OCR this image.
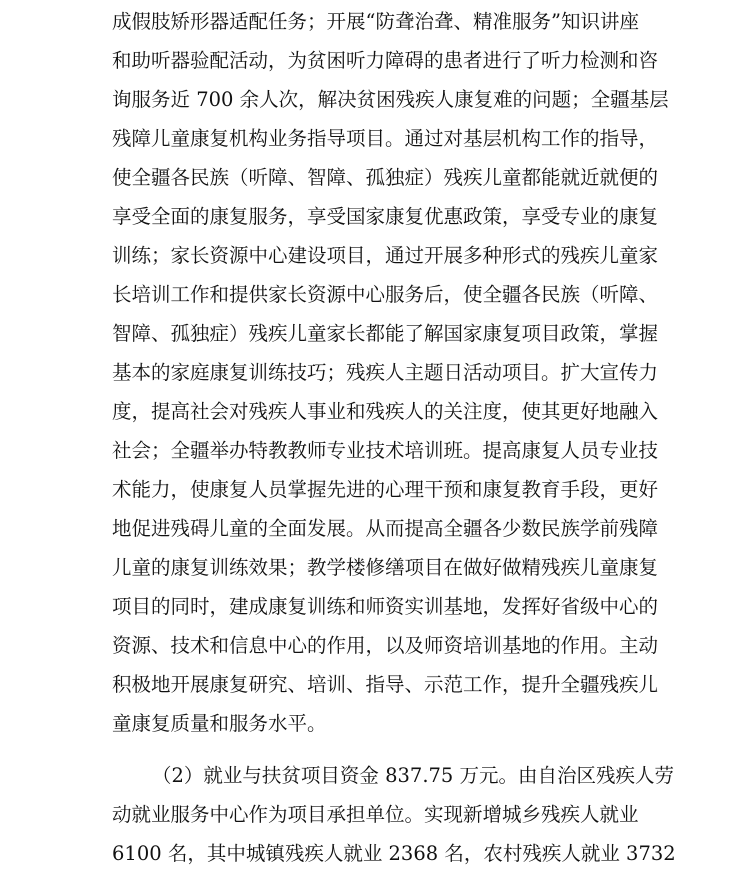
成假肢矫形器适配任务；开展“防聋治聋、精准服务”知识讲座
和助听器验配活动，为贫困听力障碍的患者进行了听力检测和咨
询服务近 700 余人次，解决贫困残疾人康复难的问题；全疆基层
残障儿童康复机构业务指导项目。通过对基层机构工作的指导，
使全疆各民族（听障、智障、孤独症）残疾儿童都能就近就便的
享受全面的康复服务，享受国家康复优惠政策，享受专业的康复
训练；家长资源中心建设项目，通过开展多种形式的残疾儿童家
长培训工作和提供家长资源中心服务后，使全疆各民族（听障、
智障、孤独症）残疾儿童家长都能了解国家康复项目政策，掌握
基本的家庭康复训练技巧；残疾人主题日活动项目。扩大宣传力
度，提高社会对残疾人事业和残疾人的关注度，使其更好地融入
社会；全疆举办特教教师专业技术培训班。提高康复人员专业技
术能力，使康复人员掌握先进的心理干预和康复教育手段，更好
地促进残碍儿童的全面发展。从而提高全疆各少数民族学前残障
儿童的康复训练效果；教学楼修缮项目在做好做精残疾儿童康复
项目的同时，建成康复训练和师资实训基地，发挥好省级中心的
资源、技术和信息中心的作用，以及师资培训基地的作用。主动
积极地开展康复研究、培训、指导、示范工作，提升全疆残疾儿
童康复质量和服务水平。
（2）就业与扶贫项目资金 837.75 万元。由自治区残疾人劳
动就业服务中心作为项目承担单位。实现新增城乡残疾人就业
6100 名，其中城镇残疾人就业 2368 名，农村残疾人就业 3732
